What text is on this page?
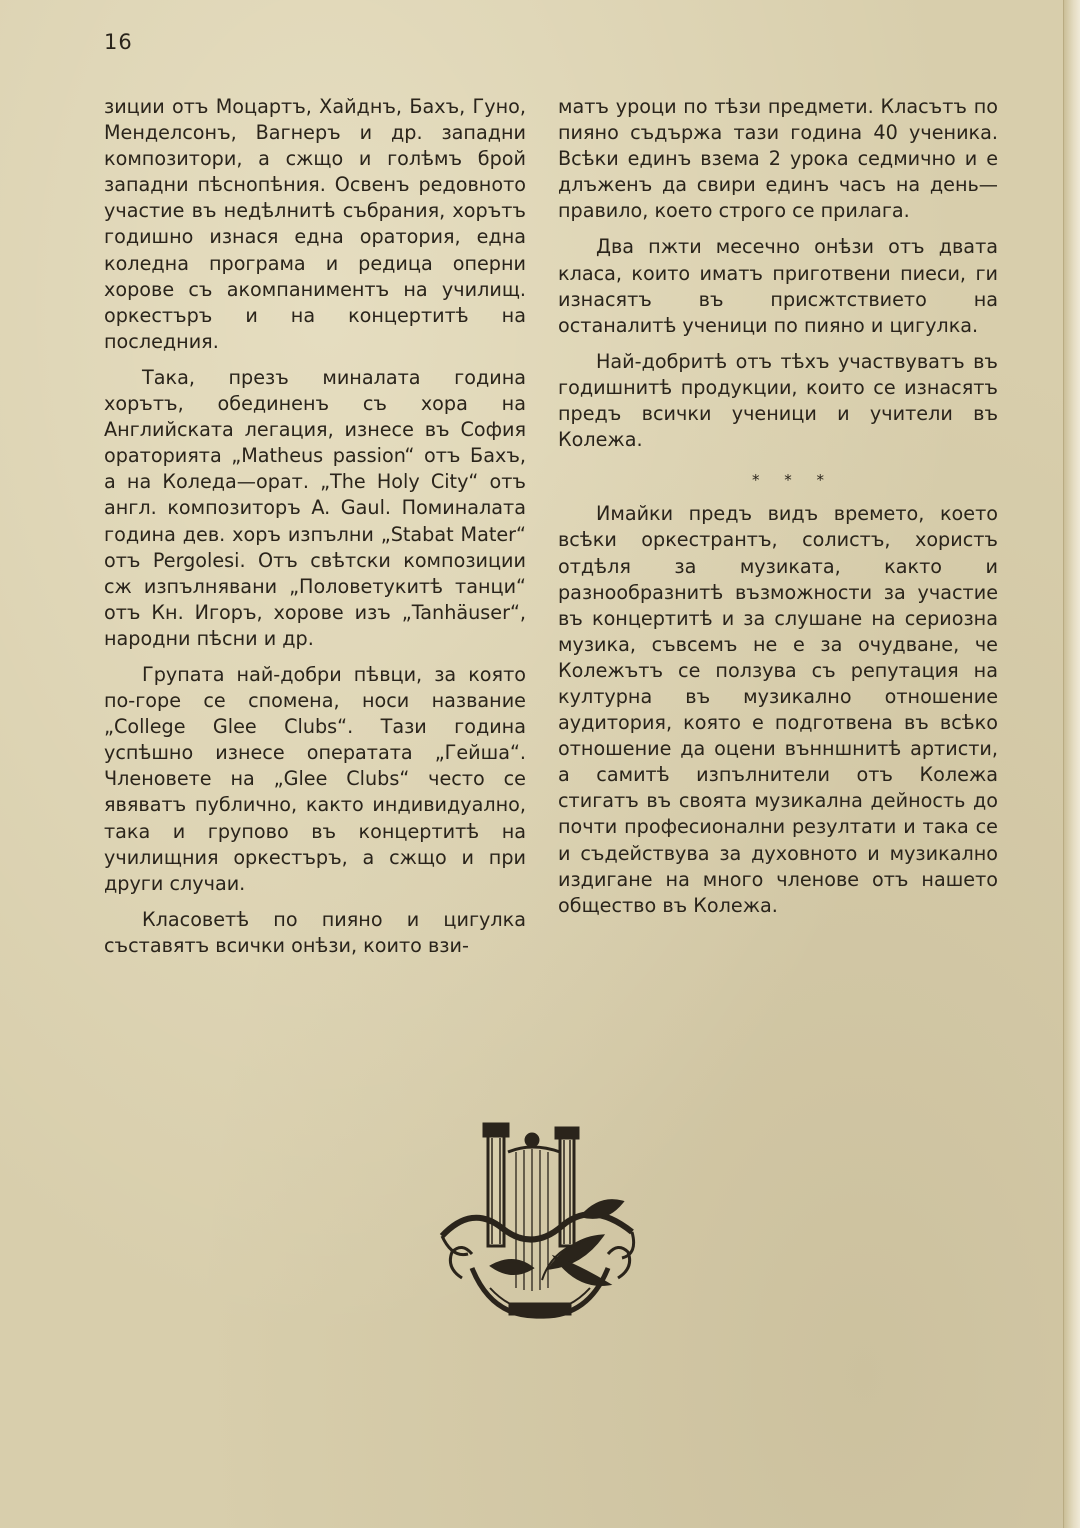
16

зиции отъ Моцартъ, Хайднъ, Бахъ, Гуно, Менделсонъ, Вагнеръ и др. западни композитори, а сжщо и голѣмъ брой западни пѣснопѣния. Освенъ редовното участие въ недѣлнитѣ събрания, хорътъ годишно изнася една оратория, една коледна програма и редица оперни хорове съ акомпаниментъ на училищ. оркестъръ и на концертитѣ на последния.

Така, презъ миналата година хорътъ, обединенъ съ хора на Английската легация, изнесе въ София ораторията „Matheus passion“ отъ Бахъ, а на Коледа—орат. „The Holy City“ отъ англ. композиторъ A. Gaul. Поминалата година дев. хоръ изпълни „Stabat Mater“ отъ Pergolesi. Отъ свѣтски композиции сж изпълнявани „Половетукитѣ танци“ отъ Кн. Игоръ, хорове изъ „Tanhäuser“, народни пѣсни и др.

Групата най-добри пѣвци, за която по-горе се спомена, носи название „College Glee Clubs“. Тази година успѣшно изнесе опeратата „Гейша“. Членовете на „Glee Clubs“ често се явяватъ публично, както индивидуално, така и групово въ концертитѣ на училищния оркестъръ, а сжщо и при други случаи.

Класоветѣ по пияно и цигулка съставятъ всички онѣзи, които взи-

матъ уроци по тѣзи предмети. Класътъ по пияно съдържа тази година 40 ученика. Всѣки единъ взема 2 урока седмично и е длъженъ да свири единъ часъ на день—правило, което строго се прилага.

Два пжти месечно онѣзи отъ двата класа, които иматъ приготвени пиеси, ги изнасятъ въ присжтствието на останалитѣ ученици по пияно и цигулка.

Най-добритѣ отъ тѣхъ участвуватъ въ годишнитѣ продукции, които се изнасятъ предъ всички ученици и учители въ Колежа.

* * *

Имайки предъ видъ времето, което всѣки оркестрантъ, солистъ, хористъ отдѣля за музиката, както и разнообразнитѣ възможности за участие въ концертитѣ и за слушане на сериозна музика, съвсемъ не е за очудване, че Колежътъ се ползува съ репутация на културна въ музикално отношение аудитория, която е подготвена въ всѣко отношение да оцени вънншнитѣ артисти, а самитѣ изпълнители отъ Колежа стигатъ въ своята музикална дейность до почти професионални резултати и така се и съдействува за духовното и музикално издигане на много членове отъ нашето общество въ Колежа.
